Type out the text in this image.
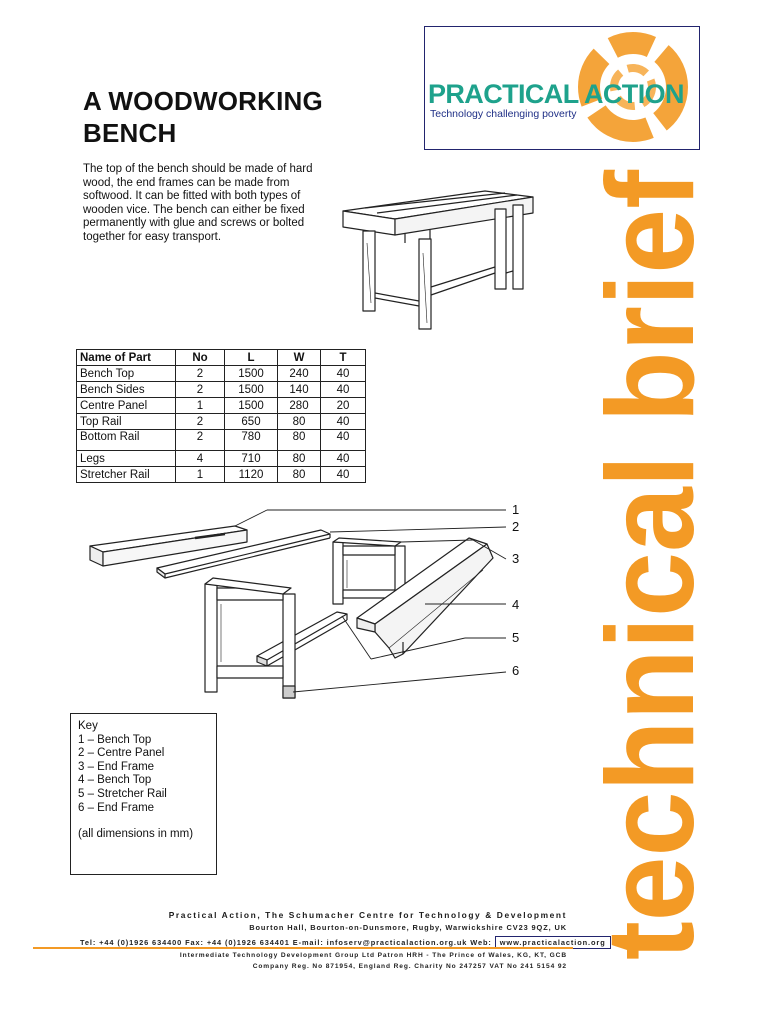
A WOODWORKING
BENCH
The top of the bench should be made of hard wood, the end frames can be made from softwood. It can be fitted with both types of wooden vice. The bench can either be fixed permanently with glue and screws or bolted together for easy transport.
PRACTICAL ACTION
Technology challenging poverty
technical brief
Name of Part	No	L	W	T
Bench Top	2	1500	240	40
Bench Sides	2	1500	140	40
Centre Panel	1	1500	280	20
Top Rail	2	650	80	40
Bottom Rail	2	780	80	40
Legs	4	710	80	40
Stretcher Rail	1	1120	80	40
1
2
3
4
5
6
Key
1 – Bench Top
2 – Centre Panel
3 – End Frame
4 – Bench Top
5 – Stretcher Rail
6 – End Frame
(all dimensions in mm)
Practical Action, The Schumacher Centre for Technology & Development
Bourton Hall, Bourton-on-Dunsmore, Rugby, Warwickshire CV23 9QZ, UK
Tel: +44 (0)1926 634400 Fax: +44 (0)1926 634401 E-mail: infoserv@practicalaction.org.uk Web: www.practicalaction.org
Intermediate Technology Development Group Ltd Patron HRH - The Prince of Wales, KG, KT, GCB
Company Reg. No 871954, England Reg. Charity No 247257 VAT No 241 5154 92
